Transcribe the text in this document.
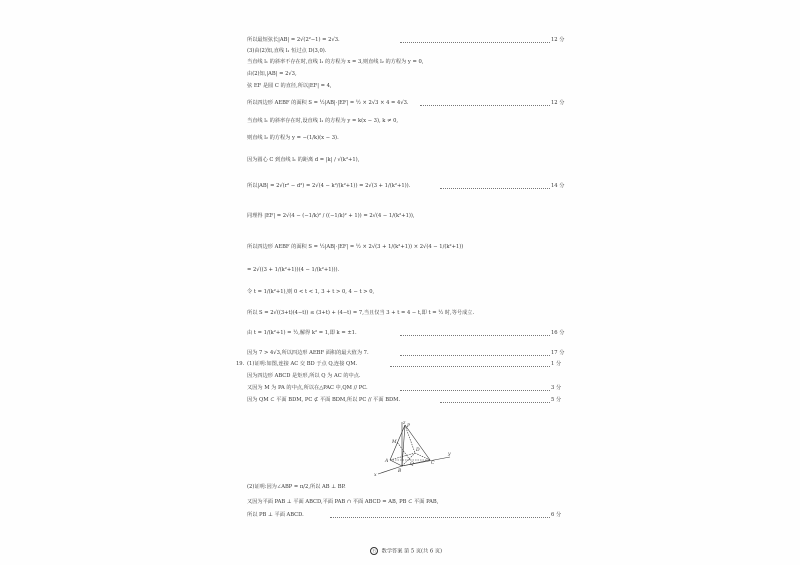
所以最短弦长|AB| = 2√(2²−1) = 2√3.	12 分
(3)由(2)知,直线 l₁ 恒过点 D(3,0).
当直线 l₁ 的斜率不存在时,直线 l₁ 的方程为 x = 3,则直线 l₂ 的方程为 y = 0,
由(2)知,|AB| = 2√3,
弦 EF 是圆 C 的直径,所以|EF| = 4,
所以四边形 AEBF 的面积 S = ½|AB|·|EF| = ½ × 2√3 × 4 = 4√3.	12 分
当直线 l₁ 的斜率存在时,设直线 l₁ 的方程为 y = k(x − 3), k ≠ 0,
则直线 l₂ 的方程为 y = −(1/k)(x − 3).
因为圆心 C 到直线 l₁ 的距离 d = |k| / √(k²+1),
所以|AB| = 2√(r² − d²) = 2√(4 − k²/(k²+1)) = 2√(3 + 1/(k²+1)).	14 分
同理得 |EF| = 2√(4 − (−1/k)² / ((−1/k)² + 1)) = 2√(4 − 1/(k²+1)),
所以四边形 AEBF 的面积 S = ½|AB|·|EF| = ½ × 2√(3 + 1/(k²+1)) × 2√(4 − 1/(k²+1))
= 2√((3 + 1/(k²+1))(4 − 1/(k²+1))).
令 t = 1/(k²+1),则 0 < t < 1, 3 + t > 0, 4 − t > 0,
所以 S = 2√((3+t)(4−t)) ≤ (3+t) + (4−t) = 7,当且仅当 3 + t = 4 − t,即 t = ½ 时,等号成立.
由 t = 1/(k²+1) = ½,解得 k² = 1,即 k = ±1.	16 分
因为 7 > 4√3,所以四边形 AEBF 面积的最大值为 7.	17 分
19. (1)证明:如图,连接 AC 交 BD 于点 Q,连接 QM.	1 分
因为四边形 ABCD 是矩形,所以 Q 为 AC 的中点.
又因为 M 为 PA 的中点,所以在△PAC 中,QM // PC.	3 分
因为 QM ⊂ 平面 BDM, PC ⊄ 平面 BDM,所以 PC // 平面 BDM.	5 分
P
M
A
B
C
D
Q
z
x
y
(2)证明:因为∠ABP = π/2,所以 AB ⊥ BP.
又因为平面 PAB ⊥ 平面 ABCD,平面 PAB ∩ 平面 ABCD = AB, PB ⊂ 平面 PAB,
所以 PB ⊥ 平面 ABCD.	6 分
石 数学答案 第 5 页(共 6 页)
